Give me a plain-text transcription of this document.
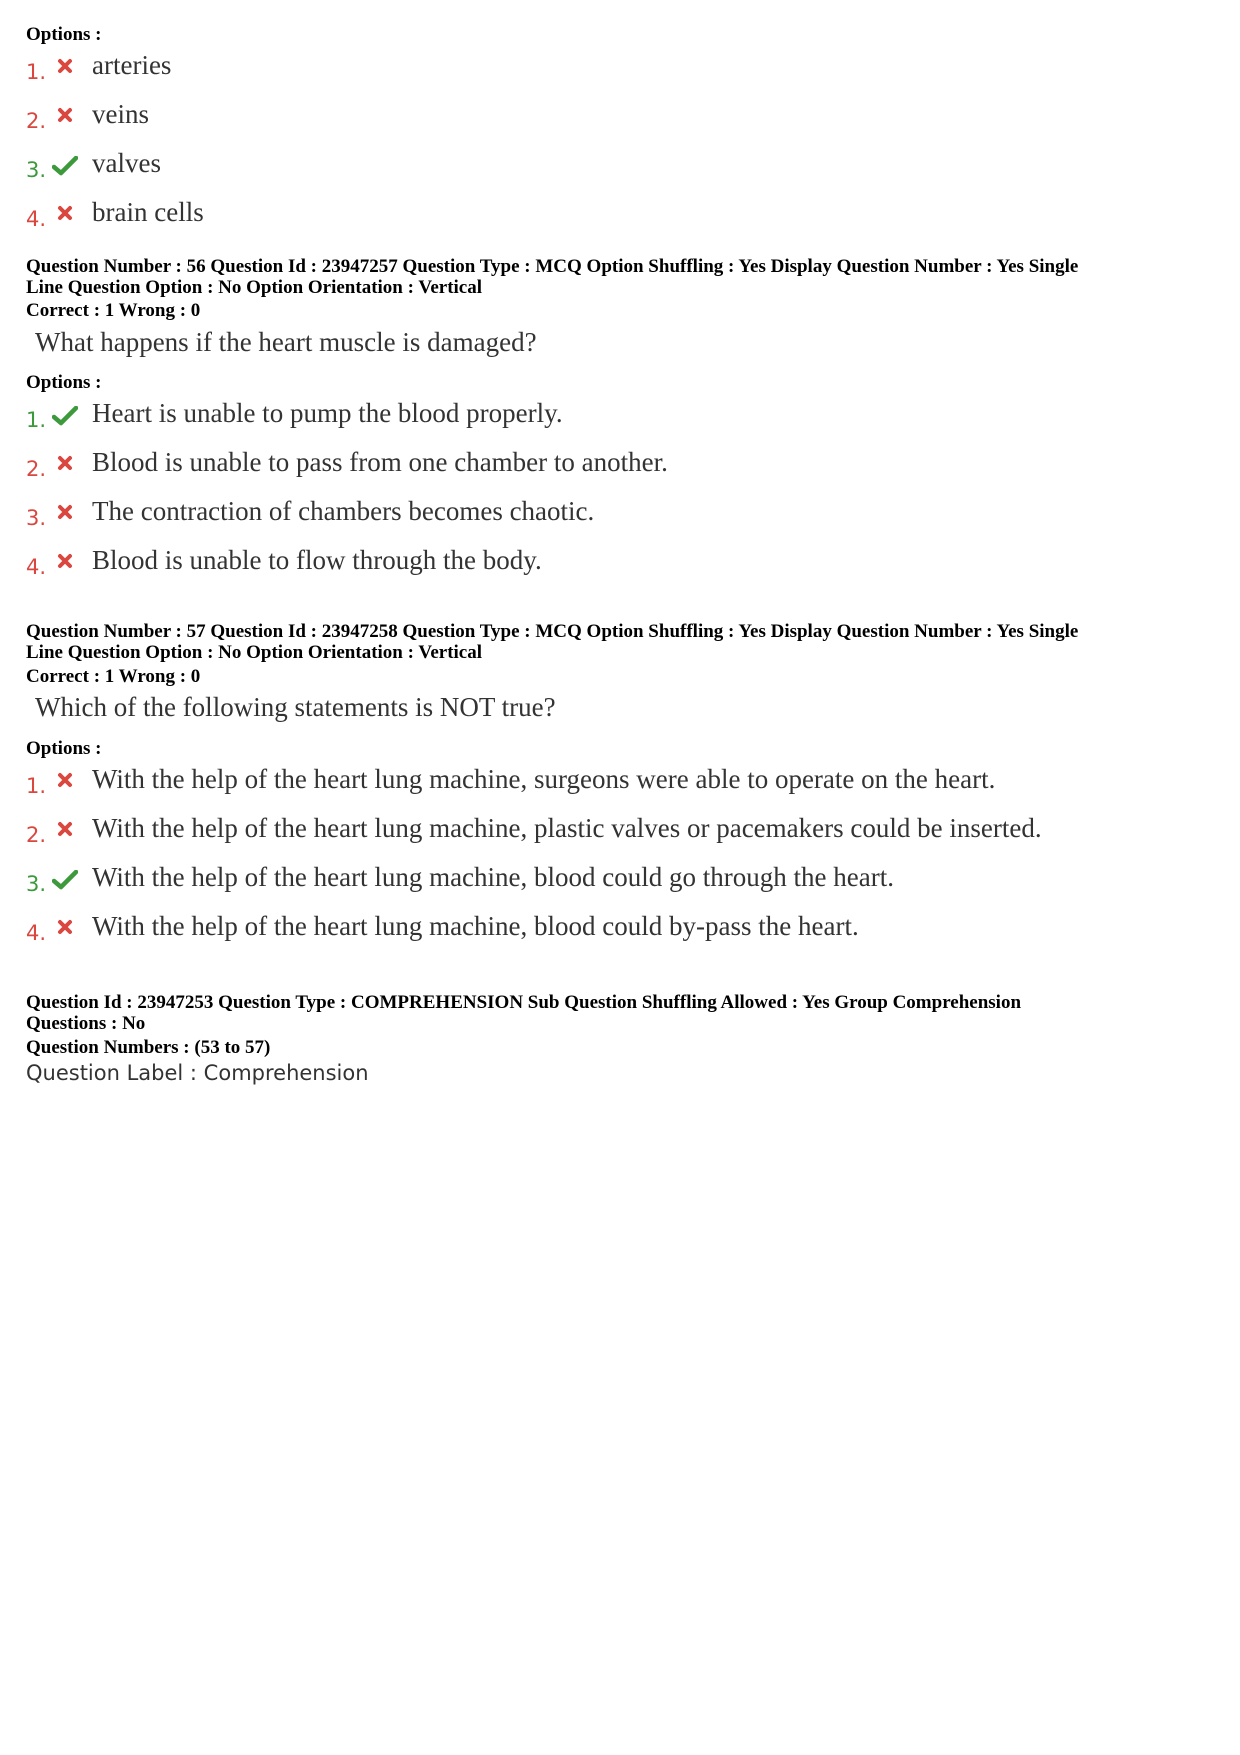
Options :

1. arteries
2. veins
3. valves
4. brain cells

Question Number : 56 Question Id : 23947257 Question Type : MCQ Option Shuffling : Yes Display Question Number : Yes Single

Line Question Option : No Option Orientation : Vertical

Correct : 1 Wrong : 0

What happens if the heart muscle is damaged?

Options :

1. Heart is unable to pump the blood properly.
2. Blood is unable to pass from one chamber to another.
3. The contraction of chambers becomes chaotic.
4. Blood is unable to flow through the body.

Question Number : 57 Question Id : 23947258 Question Type : MCQ Option Shuffling : Yes Display Question Number : Yes Single

Line Question Option : No Option Orientation : Vertical

Correct : 1 Wrong : 0

Which of the following statements is NOT true?

Options :

1. With the help of the heart lung machine, surgeons were able to operate on the heart.
2. With the help of the heart lung machine, plastic valves or pacemakers could be inserted.
3. With the help of the heart lung machine, blood could go through the heart.
4. With the help of the heart lung machine, blood could by-pass the heart.

Question Id : 23947253 Question Type : COMPREHENSION Sub Question Shuffling Allowed : Yes Group Comprehension

Questions : No

Question Numbers : (53 to 57)

Question Label : Comprehension
